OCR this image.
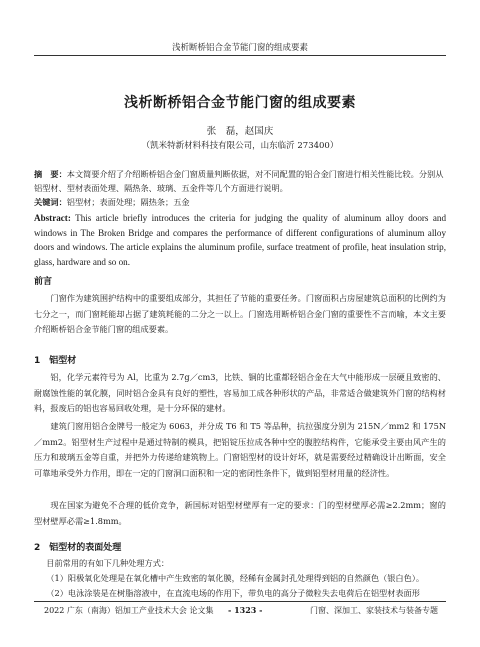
浅析断桥铝合金节能门窗的组成要素
浅析断桥铝合金节能门窗的组成要素
张　磊，赵国庆
（凯米特新材料科技有限公司，山东临沂 273400）
摘　要：本文简要介绍了介绍断桥铝合金门窗质量判断依据，对不同配置的铝合金门窗进行相关性能比较。分别从铝型材、型材表面处理、隔热条、玻璃、五金件等几个方面进行说明。
关键词：铝型材；表面处理；隔热条；五金
Abstract: This article briefly introduces the criteria for judging the quality of aluminum alloy doors and windows in The Broken Bridge and compares the performance of different configurations of aluminum alloy doors and windows. The article explains the aluminum profile, surface treatment of profile, heat insulation strip, glass, hardware and so on.
前言
门窗作为建筑围护结构中的重要组成部分，其担任了节能的重要任务。门窗面积占房屋建筑总面积的比例约为七分之一，而门窗耗能却占据了建筑耗能的二分之一以上。门窗选用断桥铝合金门窗的重要性不言而喻，本文主要介绍断桥铝合金节能门窗的组成要素。
1　铝型材
铝，化学元素符号为 Al，比重为 2.7g／cm3，比铁、铜的比重都轻铝合金在大气中能形成一层硬且致密的、耐腐蚀性能的氧化膜，同时铝合金具有良好的塑性，容易加工成各种形状的产品，非常适合做建筑外门窗的结构材料，报废后的铝也容易回收处理，是十分环保的建材。
建筑门窗用铝合金牌号一般定为 6063，并分成 T6 和 T5 等品种，抗拉强度分别为 215N／mm2 和 175N／mm2。铝型材生产过程中是通过特制的模具，把铝锭压拉成各种中空的腹腔结构件，它能承受主要由风产生的压力和玻璃五金等自重，并把外力传递给建筑物上。门窗铝型材的设计好坏，就是需要经过精确设计出断面，安全可靠地承受外力作用，即在一定的门窗洞口面积和一定的密闭性条件下，做到铝型材用量的经济性。
现在国家为避免不合理的低价竞争，新国标对铝型材壁厚有一定的要求：门的型材壁厚必需≥2.2mm；窗的型材壁厚必需≥1.8mm。
2　铝型材的表面处理
目前常用的有如下几种处理方式：
（1）阳极氧化处理是在氧化槽中产生致密的氧化膜，经稀有金属封孔处理得到铝的自然颜色（银白色）。
（2）电泳涂装是在树脂溶液中，在直流电场的作用下，带负电的高分子微粒失去电荷后在铝型材表面形
2022 广东（南海）铝加工产业技术大会 论文集 - 1323 -	门窗、深加工、家装技术与装备专题
